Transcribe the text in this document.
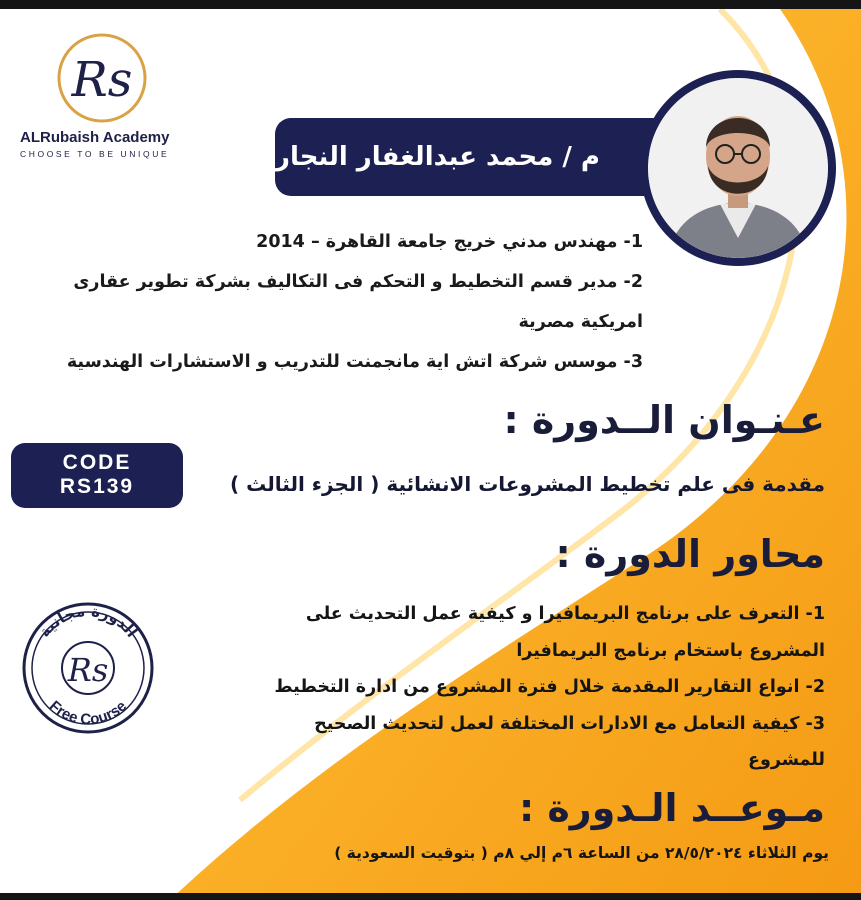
Rs
ALRubaish Academy
CHOOSE TO BE UNIQUE	م / محمد عبدالغفار النجار
1- مهندس مدني خريج جامعة القاهرة – 2014
2- مدير قسم التخطيط و التحكم فى التكاليف بشركة تطوير عقارى
امريكية مصرية
3- موسس شركة اتش اية مانجمنت للتدريب و الاستشارات الهندسية
عـنـوان الــدورة :
CODE
RS139	مقدمة فى علم تخطيط المشروعات الانشائية ( الجزء الثالث )
محاور الدورة :
1- التعرف على برنامج البريمافيرا و كيفية عمل التحديث على
المشروع باستخام برنامج البريمافيرا
2- انواع التقارير المقدمة خلال فترة المشروع من ادارة التخطيط
3- كيفية التعامل مع الادارات المختلفة لعمل لتحديث الصحيح
للمشروع
الدورة مجانية
Free Course
Rs
مـوعــد الـدورة :
يوم الثلاثاء ٢٨/٥/٢٠٢٤ من الساعة ٦م إلي ٨م ( بتوقيت السعودية )
